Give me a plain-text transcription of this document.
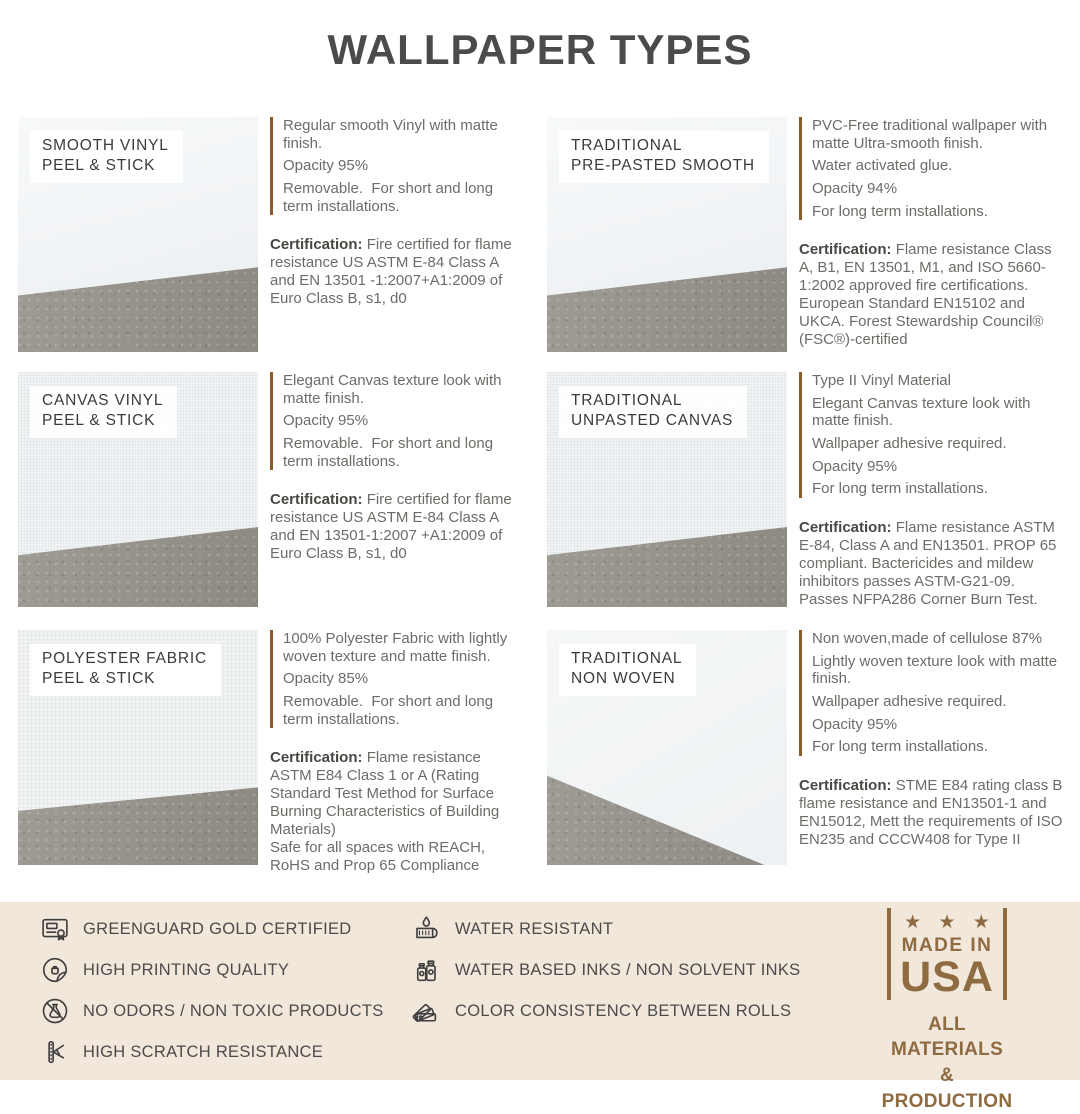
WALLPAPER TYPES
SMOOTH VINYL
PEEL & STICK

Regular smooth Vinyl with matte finish.

Opacity 95%

Removable.  For short and long term installations.

Certification: Fire certified for flame resistance US ASTM E-84 Class A and EN 13501 -1:2007+A1:2009 of Euro Class B, s1, d0

TRADITIONAL
PRE-PASTED SMOOTH

PVC-Free traditional wallpaper with matte Ultra-smooth finish.

Water activated glue.

Opacity 94%

For long term installations.

Certification: Flame resistance Class A, B1, EN 13501, M1, and ISO 5660-1:2002 approved fire certifications. European Standard EN15102 and UKCA. Forest Stewardship Council® (FSC®)-certified

CANVAS VINYL
PEEL & STICK

Elegant Canvas texture look with matte finish.

Opacity 95%

Removable.  For short and long term installations.

Certification: Fire certified for flame resistance US ASTM E-84 Class A and EN 13501-1:2007 +A1:2009 of Euro Class B, s1, d0

TRADITIONAL
UNPASTED CANVAS

Type II Vinyl Material

Elegant Canvas texture look with matte finish.

Wallpaper adhesive required.

Opacity 95%

For long term installations.

Certification: Flame resistance ASTM E-84, Class A and EN13501. PROP 65 compliant. Bactericides and mildew inhibitors passes ASTM-G21-09. Passes NFPA286 Corner Burn Test.

POLYESTER FABRIC
PEEL & STICK

100% Polyester Fabric with lightly woven texture and matte finish.

Opacity 85%

Removable.  For short and long term installations.

Certification: Flame resistance ASTM E84 Class 1 or A (Rating Standard Test Method for Surface Burning Characteristics of Building Materials)

Safe for all spaces with REACH, RoHS and Prop 65 Compliance

TRADITIONAL
NON WOVEN

Non woven,made of cellulose 87%

Lightly woven texture look with matte finish.

Wallpaper adhesive required.

Opacity 95%

For long term installations.

Certification: STME E84 rating class B flame resistance and EN13501-1 and EN15012, Mett the requirements of ISO EN235 and CCCW408 for Type II

GREENGUARD GOLD CERTIFIED
HIGH PRINTING QUALITY
NO ODORS / NON TOXIC PRODUCTS
HIGH SCRATCH RESISTANCE
WATER RESISTANT
WATER BASED INKS / NON SOLVENT INKS
COLOR CONSISTENCY BETWEEN ROLLS
★ ★ ★
MADE IN
USA
ALL MATERIALS
& PRODUCTION
